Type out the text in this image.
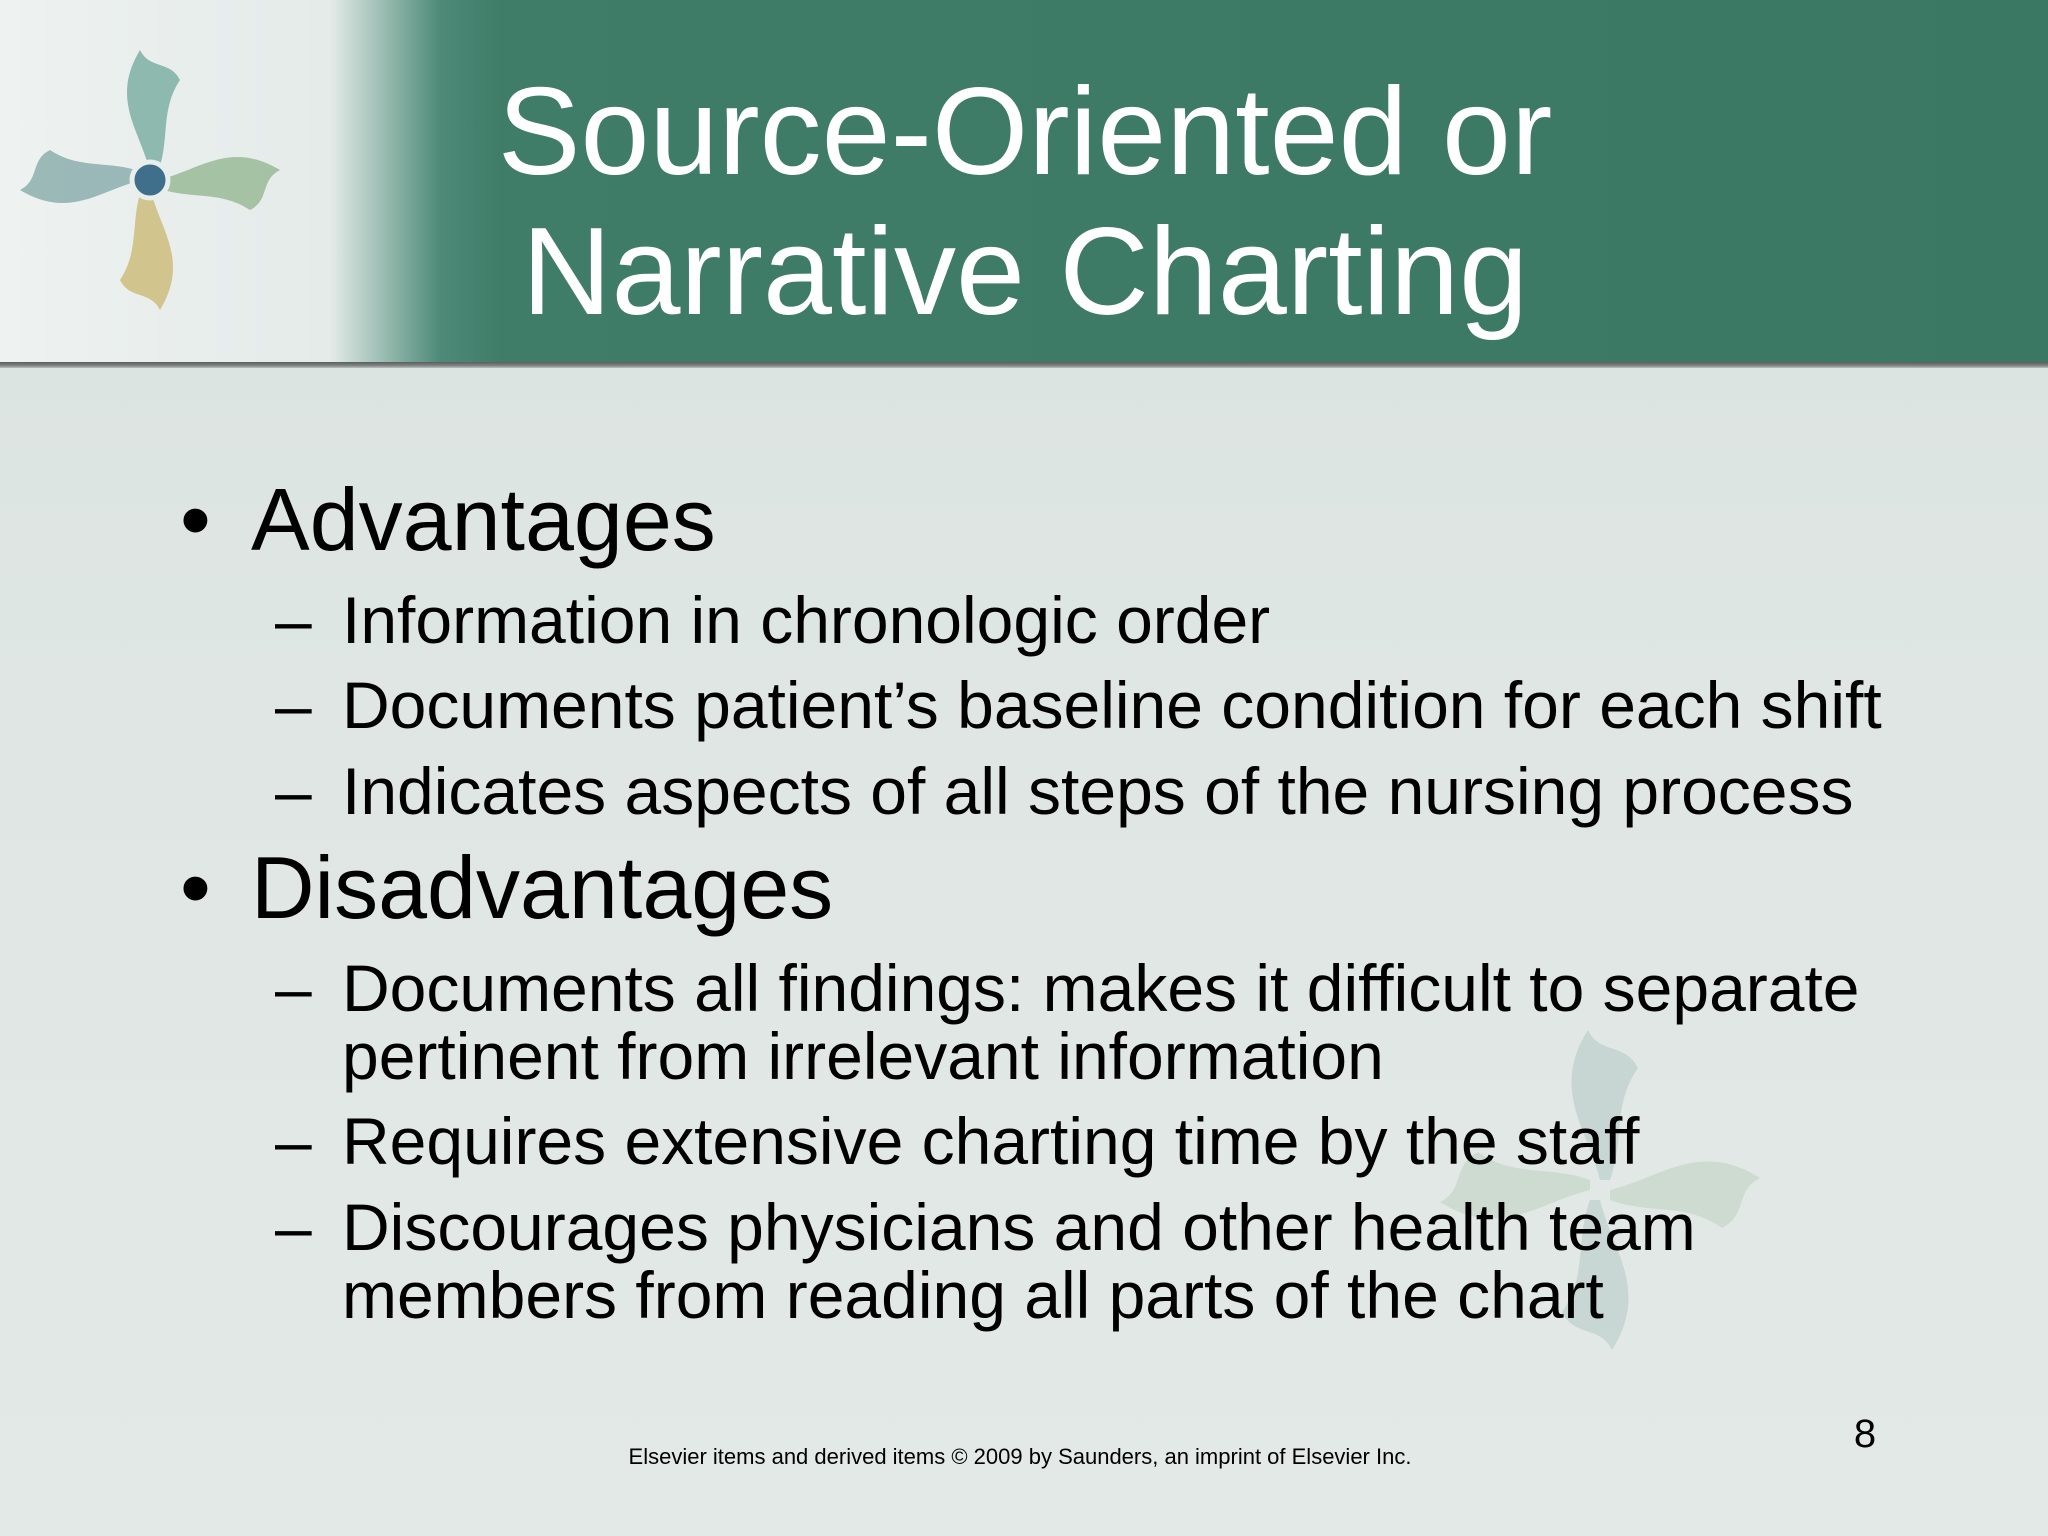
Source-Oriented or
Narrative Charting
• Advantages
– Information in chronologic order
– Documents patient’s baseline condition for each shift
– Indicates aspects of all steps of the nursing process
• Disadvantages
– Documents all findings: makes it difficult to separate
pertinent from irrelevant information
– Requires extensive charting time by the staff
– Discourages physicians and other health team
members from reading all parts of the chart
Elsevier items and derived items © 2009 by Saunders, an imprint of Elsevier Inc.
8
